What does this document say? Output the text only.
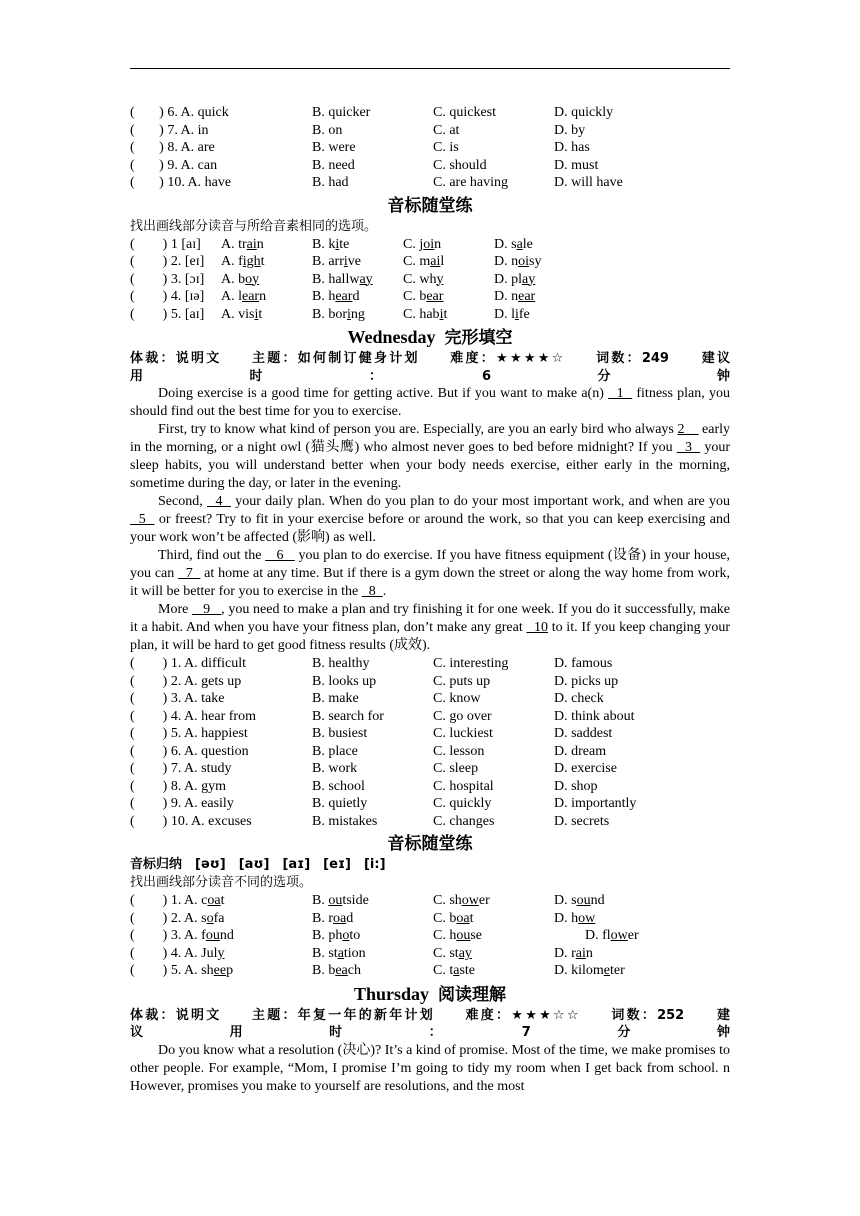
(       ) 6. A. quick	B. quicker	C. quickest	D. quickly
(       ) 7. A. in	B. on	C. at	D. by
(       ) 8. A. are	B. were	C. is	D. has
(       ) 9. A. can	B. need	C. should	D. must
(       ) 10. A. have	B. had	C. are having	D. will have
音标随堂练
找出画线部分读音与所给音素相同的选项。
(        ) 1 [aɪ] A. train	B. kite	C. join	D. sale
(        ) 2. [eɪ] A. fight	B. arrive	C. mail	D. noisy
(        ) 3. [ɔɪ] A. boy	B. hallway C. why	D. play
(        ) 4. [ɪə] A. learn	B. heard	C. bear	D. near
(        ) 5. [aɪ] A. visit	B. boring	C. habit	D. life
Wednesday 完形填空
体裁：说明文　　主题：如何制订健身计划　　难度：★★★★☆　　词数：249　　建议
用　　　　　　时　　　　　　：　　　　　　6　　　　　　分　　　　　　钟

Doing exercise is a good time for getting active. But if you want to make a(n)   1   fitness plan, you should find out the best time for you to exercise.

First, try to know what kind of person you are. Especially, are you an early bird who always 2__ early in the morning, or a night owl (猫头鹰) who almost never goes to bed before midnight? If you   3   your sleep habits, you will understand better when your body needs exercise, either early in the morning, sometime during the day, or later in the evening.

Second,   4   your daily plan. When do you plan to do your most important work, and when are you   5   or freest? Try to fit in your exercise before or around the work, so that you can keep exercising and your work won’t be affected (影响) as well.

Third, find out the    6    you plan to do exercise. If you have fitness equipment (设备) in your house, you can   7   at home at any time. But if there is a gym down the street or along the way home from work, it will be better for you to exercise in the   8  .

More    9   , you need to make a plan and try finishing it for one week. If you do it successfully, make it a habit. And when you have your fitness plan, don’t make any great   10 to it. If you keep changing your plan, it will be hard to get good fitness results (成效).

(        ) 1. A. difficult	B. healthy	C. interesting	D. famous
(        ) 2. A. gets up	B. looks up	C. puts up	D. picks up
(        ) 3. A. take	B. make	C. know	D. check
(        ) 4. A. hear from	B. search for	C. go over	D. think about
(        ) 5. A. happiest	B. busiest	C. luckiest	D. saddest
(        ) 6. A. question	B. place	C. lesson	D. dream
(        ) 7. A. study	B. work	C. sleep	D. exercise
(        ) 8. A. gym	B. school	C. hospital	D. shop
(        ) 9. A. easily	B. quietly	C. quickly	D. importantly
(        ) 10. A. excuses	B. mistakes	C. changes	D. secrets
音标随堂练
音标归纳　[əʊ]　[aʊ]　[aɪ]　[eɪ]　[i:]
找出画线部分读音不同的选项。
(        ) 1. A. coat	B. outside	C. shower	D. sound
(        ) 2. A. sofa	B. road	C. boat	D. how
(        ) 3. A. found	B. photo	C. house	D. flower
(        ) 4. A. July	B. station	C. stay	D. rain
(        ) 5. A. sheep	B. beach	C. taste	D. kilometer
Thursday 阅读理解
体裁：说明文　　主题：年复一年的新年计划　　难度：★★★☆☆　　词数：252　　建
议　　　　　　用　　　　　　时　　　　　　：　　　　　　7　　　　　　分　　　　　　钟

Do you know what a resolution (决心)? It’s a kind of promise. Most of the time, we make promises to other people. For example, “Mom, I promise I’m going to tidy my room when I get back from school. n However, promises you make to yourself are resolutions, and the most
